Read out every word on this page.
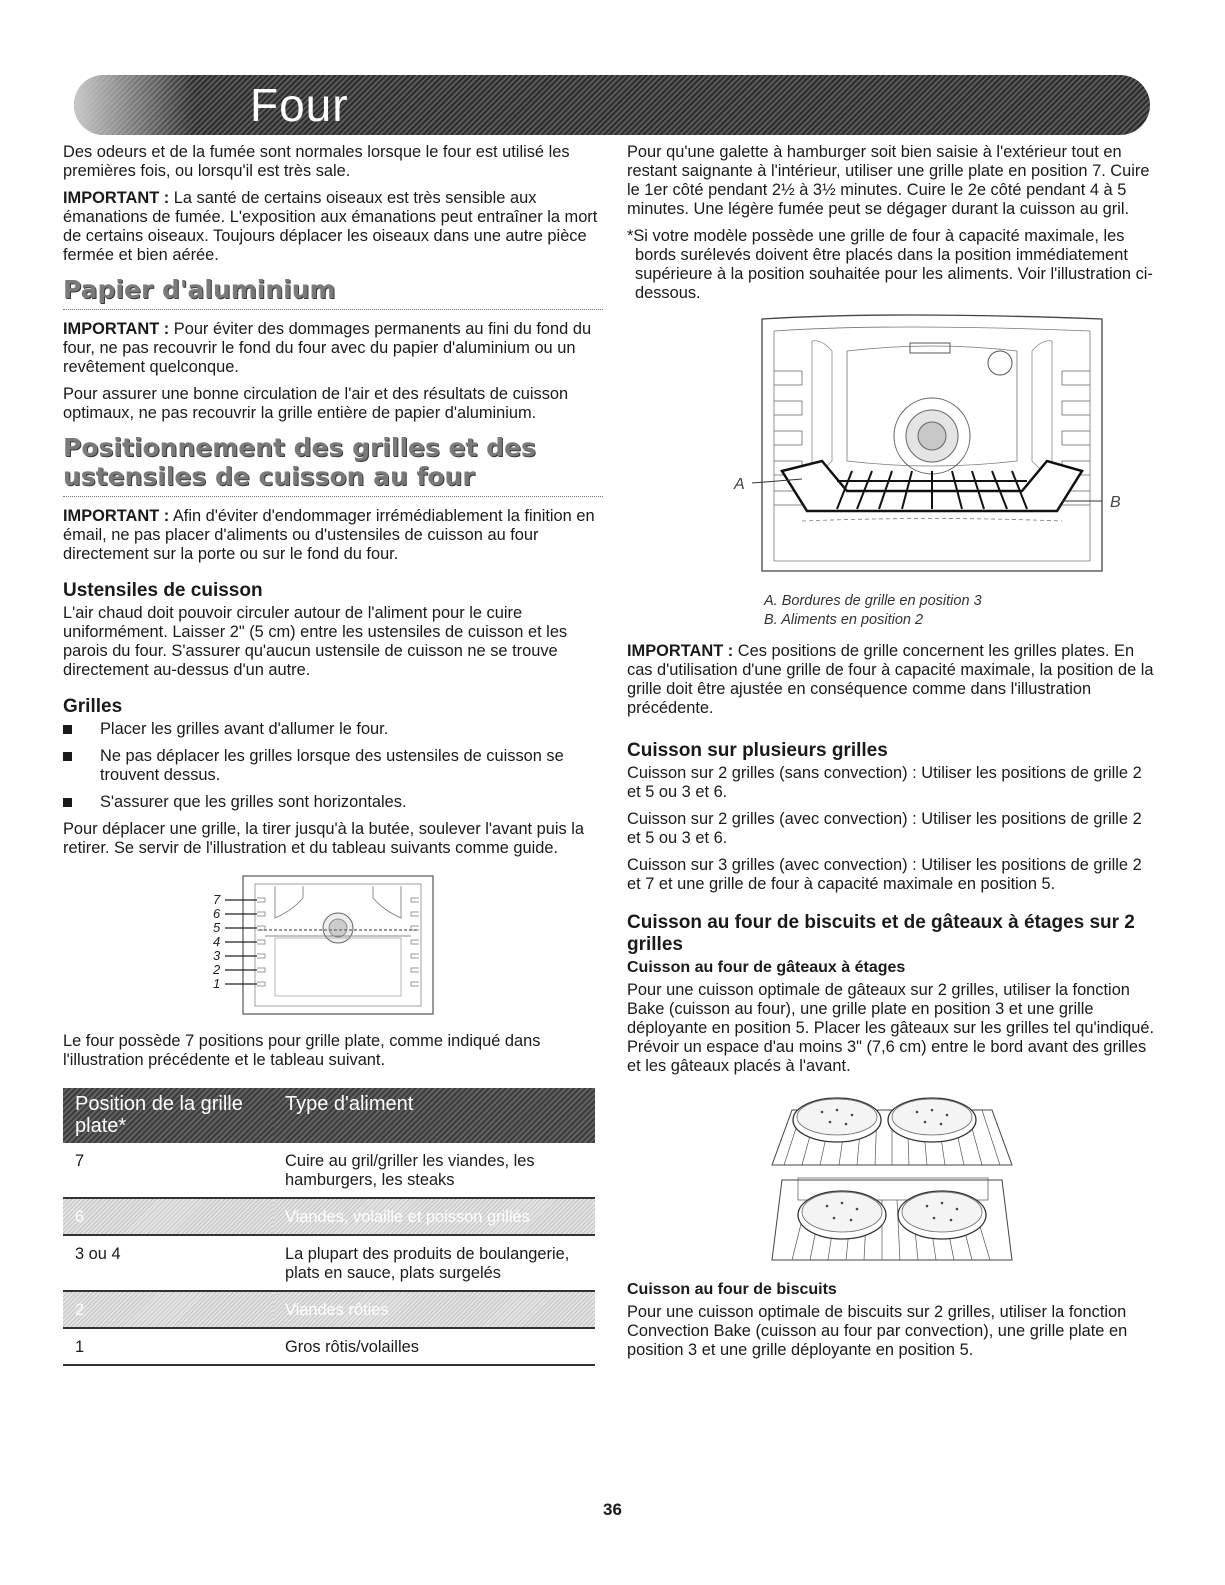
Four

Des odeurs et de la fumée sont normales lorsque le four est utilisé les premières fois, ou lorsqu'il est très sale.

IMPORTANT : La santé de certains oiseaux est très sensible aux émanations de fumée. L'exposition aux émanations peut entraîner la mort de certains oiseaux. Toujours déplacer les oiseaux dans une autre pièce fermée et bien aérée.

Papier d'aluminium

IMPORTANT : Pour éviter des dommages permanents au fini du fond du four, ne pas recouvrir le fond du four avec du papier d'aluminium ou un revêtement quelconque.

Pour assurer une bonne circulation de l'air et des résultats de cuisson optimaux, ne pas recouvrir la grille entière de papier d'aluminium.

Positionnement des grilles et des ustensiles de cuisson au four

IMPORTANT : Afin d'éviter d'endommager irrémédiablement la finition en émail, ne pas placer d'aliments ou d'ustensiles de cuisson au four directement sur la porte ou sur le fond du four.

Ustensiles de cuisson

L'air chaud doit pouvoir circuler autour de l'aliment pour le cuire uniformément. Laisser 2" (5 cm) entre les ustensiles de cuisson et les parois du four. S'assurer qu'aucun ustensile de cuisson ne se trouve directement au-dessus d'un autre.

Grilles
Placer les grilles avant d'allumer le four.
Ne pas déplacer les grilles lorsque des ustensiles de cuisson se trouvent dessus.
S'assurer que les grilles sont horizontales.

Pour déplacer une grille, la tirer jusqu'à la butée, soulever l'avant puis la retirer. Se servir de l'illustration et du tableau suivants comme guide.

7
6
5
4
3
2
1

Le four possède 7 positions pour grille plate, comme indiqué dans l'illustration précédente et le tableau suivant.

Position de la grille plate*	Type d'aliment
7	Cuire au gril/griller les viandes, les hamburgers, les steaks
6	Viandes, volaille et poisson grillés
3 ou 4	La plupart des produits de boulangerie, plats en sauce, plats surgelés
2	Viandes rôties
1	Gros rôtis/volailles

Pour qu'une galette à hamburger soit bien saisie à l'extérieur tout en restant saignante à l'intérieur, utiliser une grille plate en position 7. Cuire le 1er côté pendant 2½ à 3½ minutes. Cuire le 2e côté pendant 4 à 5 minutes. Une légère fumée peut se dégager durant la cuisson au gril.

*Si votre modèle possède une grille de four à capacité maximale, les bords surélevés doivent être placés dans la position immédiatement supérieure à la position souhaitée pour les aliments. Voir l'illustration ci-dessous.

A
B
A. Bordures de grille en position 3
B. Aliments en position 2

IMPORTANT : Ces positions de grille concernent les grilles plates. En cas d'utilisation d'une grille de four à capacité maximale, la position de la grille doit être ajustée en conséquence comme dans l'illustration précédente.

Cuisson sur plusieurs grilles

Cuisson sur 2 grilles (sans convection) : Utiliser les positions de grille 2 et 5 ou 3 et 6.

Cuisson sur 2 grilles (avec convection) : Utiliser les positions de grille 2 et 5 ou 3 et 6.

Cuisson sur 3 grilles (avec convection) : Utiliser les positions de grille 2 et 7 et une grille de four à capacité maximale en position 5.

Cuisson au four de biscuits et de gâteaux à étages sur 2 grilles
Cuisson au four de gâteaux à étages

Pour une cuisson optimale de gâteaux sur 2 grilles, utiliser la fonction Bake (cuisson au four), une grille plate en position 3 et une grille déployante en position 5. Placer les gâteaux sur les grilles tel qu'indiqué. Prévoir un espace d'au moins 3" (7,6 cm) entre le bord avant des grilles et les gâteaux placés à l'avant.

Cuisson au four de biscuits

Pour une cuisson optimale de biscuits sur 2 grilles, utiliser la fonction Convection Bake (cuisson au four par convection), une grille plate en position 3 et une grille déployante en position 5.

36
